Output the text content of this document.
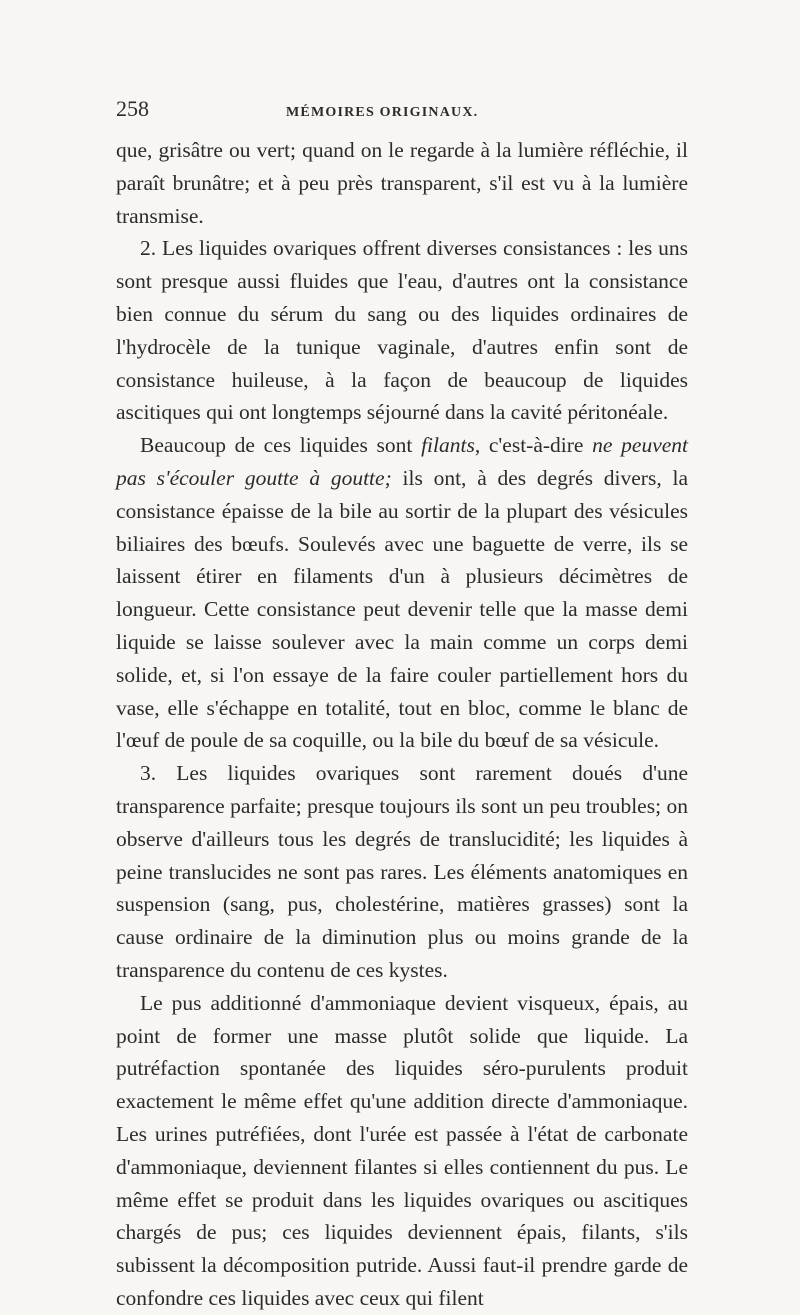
258	MÉMOIRES ORIGINAUX.

que, grisâtre ou vert; quand on le regarde à la lumière réfléchie, il paraît brunâtre; et à peu près transparent, s'il est vu à la lumière transmise.

2. Les liquides ovariques offrent diverses consistances : les uns sont presque aussi fluides que l'eau, d'autres ont la consistance bien connue du sérum du sang ou des liquides ordinaires de l'hydrocèle de la tunique vaginale, d'autres enfin sont de consistance huileuse, à la façon de beaucoup de liquides ascitiques qui ont longtemps séjourné dans la cavité péritonéale.

Beaucoup de ces liquides sont filants, c'est-à-dire ne peuvent pas s'écouler goutte à goutte; ils ont, à des degrés divers, la consistance épaisse de la bile au sortir de la plupart des vésicules biliaires des bœufs. Soulevés avec une baguette de verre, ils se laissent étirer en filaments d'un à plusieurs décimètres de longueur. Cette consistance peut devenir telle que la masse demi liquide se laisse soulever avec la main comme un corps demi solide, et, si l'on essaye de la faire couler partiellement hors du vase, elle s'échappe en totalité, tout en bloc, comme le blanc de l'œuf de poule de sa coquille, ou la bile du bœuf de sa vésicule.

3. Les liquides ovariques sont rarement doués d'une transparence parfaite; presque toujours ils sont un peu troubles; on observe d'ailleurs tous les degrés de translucidité; les liquides à peine translucides ne sont pas rares. Les éléments anatomiques en suspension (sang, pus, cholestérine, matières grasses) sont la cause ordinaire de la diminution plus ou moins grande de la transparence du contenu de ces kystes.

Le pus additionné d'ammoniaque devient visqueux, épais, au point de former une masse plutôt solide que liquide. La putréfaction spontanée des liquides séro-purulents produit exactement le même effet qu'une addition directe d'ammoniaque. Les urines putréfiées, dont l'urée est passée à l'état de carbonate d'ammoniaque, deviennent filantes si elles contiennent du pus. Le même effet se produit dans les liquides ovariques ou ascitiques chargés de pus; ces liquides deviennent épais, filants, s'ils subissent la décomposition putride. Aussi faut-il prendre garde de confondre ces liquides avec ceux qui filent
